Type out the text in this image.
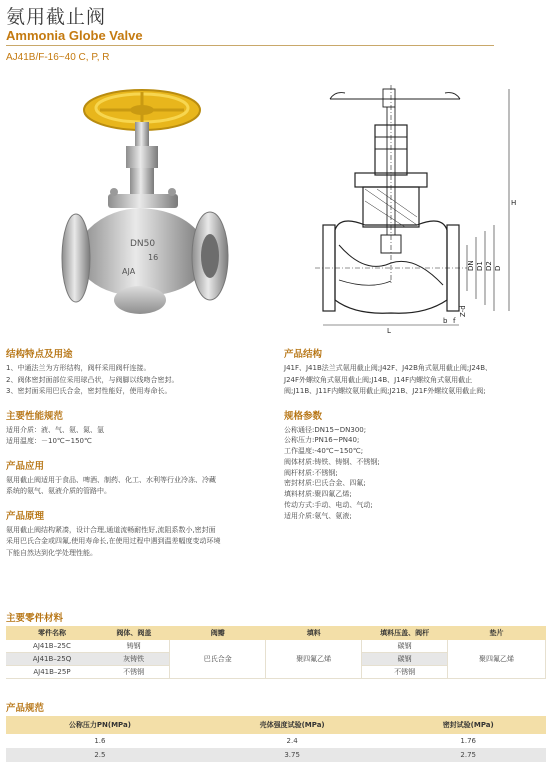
氨用截止阀
Ammonia Globe Valve
AJ41B/F-16~40 C, P, R
DN50
16
AJA
DN D1 D2 D
Z-d
f
b
L
H
结构特点及用途
1、中通法兰为方形结构，阀杆采用阀杆连接。
2、阀体密封面部位采用球凸状，与阀脚以线吻合密封。
3、密封面采用巴氏合金，密封性能好，使用寿命长。
主要性能规范
适用介质：液、气、氨、氮、氩
适用温度：－10℃~150℃
产品应用
氨用截止阀适用于食品、啤酒、制药、化工、水利等行业冷冻、冷藏
系统的氨气、氨液介质的管路中。
产品原理
氨用截止阀结构紧凑，设计合理,通道流畅耐性好,流阻系数小,密封面
采用巴氏合金或四氟,使用寿命长,在使用过程中遇到温差幅度变动环境
下能自然达到化学处理性能。
产品结构
J41F、J41B法兰式氨用截止阀;J42F、J42B角式氨用截止阀;J24B、
J24F外螺纹角式氨用截止阀;J14B、J14F内螺纹角式氨用截止
阀;J11B、J11F内螺纹氨用截止阀;J21B、J21F外螺纹氨用截止阀;
规格参数
公称通径:DN15~DN300;
公称压力:PN16~PN40;
工作温度:-40℃~150℃;
阀体材质:铸铁、铸钢、不锈钢;
阀杆材质:不锈钢;
密封材质:巴氏合金、四氟;
填料材质:聚四氟乙烯;
传动方式:手动、电动、气动;
适用介质:氨气、氨液;
主要零件材料
零件名称	阀体、阀盖	阀瓣	填料	填料压盖、阀杆	垫片
AJ41B–25C	铸钢	巴氏合金	聚四氟乙烯	碳钢	聚四氟乙烯
AJ41B–25Q	灰铸铁			碳钢	
AJ41B–25P	不锈钢			不锈钢	
产品规范
公称压力PN(MPa)	壳体强度试验(MPa)	密封试验(MPa)
1.6	2.4	1.76
2.5	3.75	2.75
